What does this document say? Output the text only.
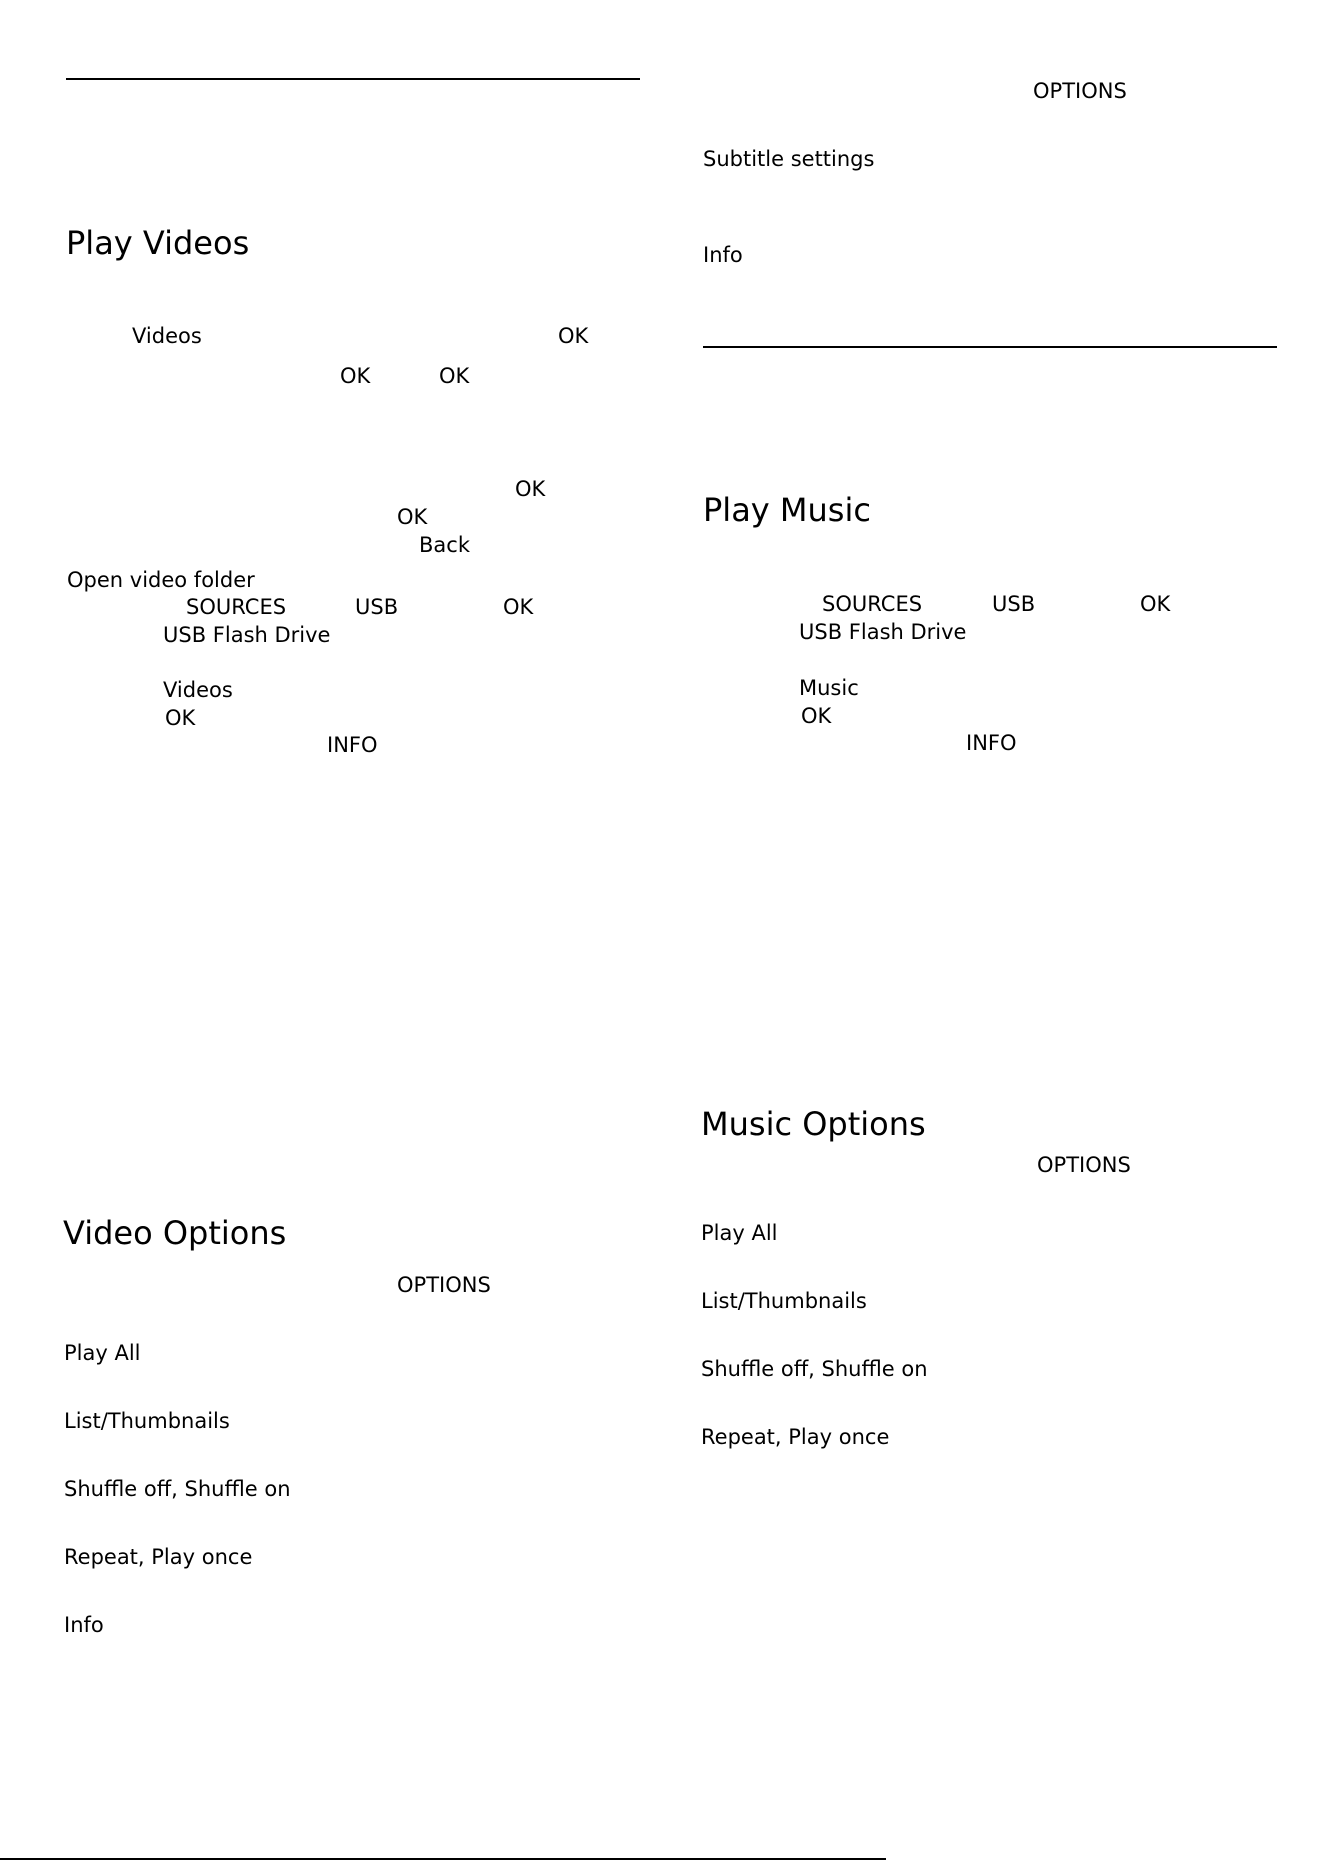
Play Videos
Videos	OK
OK	OK
OK
OK
Back
Open video folder
SOURCES	USB	OK
USB Flash Drive
Videos
OK
INFO
Video Options
OPTIONS
Play All
List/Thumbnails
Shuffle off, Shuffle on
Repeat, Play once
Info
OPTIONS
Subtitle settings
Info
Play Music
SOURCES	USB	OK
USB Flash Drive
Music
OK
INFO
Music Options
OPTIONS
Play All
List/Thumbnails
Shuffle off, Shuffle on
Repeat, Play once
